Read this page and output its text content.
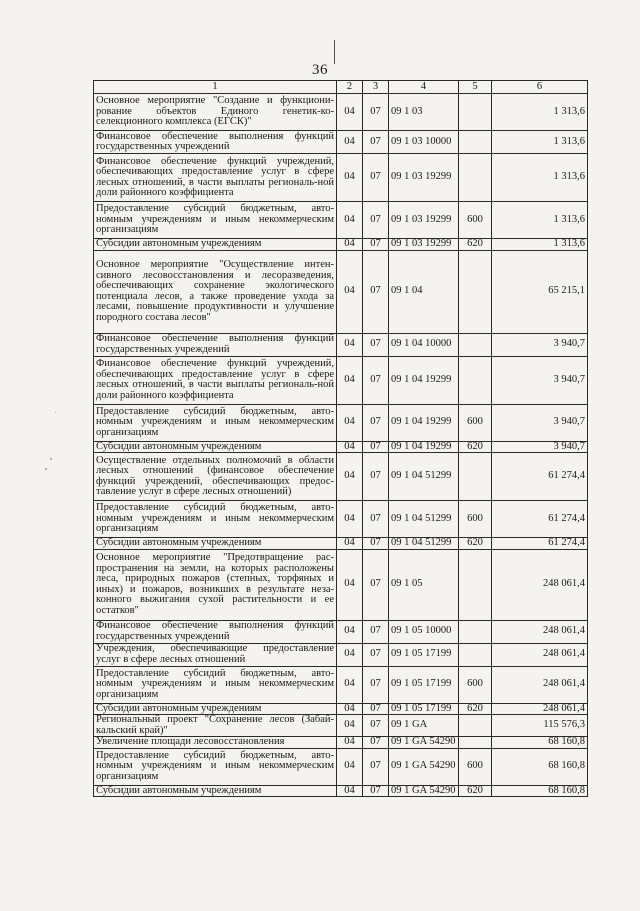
36
1	2	3	4	5	6
Основное мероприятие "Создание и функциони-рование объектов Единого генетик-ко-селекционного комплекса (ЕГСК)"	04	07	09 1 03		1 313,6
Финансовое обеспечение выполнения функций государственных учреждений	04	07	09 1 03 10000		1 313,6
Финансовое обеспечение функций учреждений, обеспечивающих предоставление услуг в сфере лесных отношений, в части выплаты региональ-ной доли районного коэффициента	04	07	09 1 03 19299		1 313,6
Предоставление субсидий бюджетным, авто-номным учреждениям и иным некоммерческим организациям	04	07	09 1 03 19299	600	1 313,6
Субсидии автономным учреждениям	04	07	09 1 03 19299	620	1 313,6
Основное мероприятие "Осуществление интен-сивного лесовосстановления и лесоразведения, обеспечивающих сохранение экологического потенциала лесов, а также проведение ухода за лесами, повышение продуктивности и улучшение породного состава лесов"	04	07	09 1 04		65 215,1
Финансовое обеспечение выполнения функций государственных учреждений	04	07	09 1 04 10000		3 940,7
Финансовое обеспечение функций учреждений, обеспечивающих предоставление услуг в сфере лесных отношений, в части выплаты региональ-ной доли районного коэффициента	04	07	09 1 04 19299		3 940,7
Предоставление субсидий бюджетным, авто-номным учреждениям и иным некоммерческим организациям	04	07	09 1 04 19299	600	3 940,7
Субсидии автономным учреждениям	04	07	09 1 04 19299	620	3 940,7
Осуществление отдельных полномочий в области лесных отношений (финансовое обеспечение функций учреждений, обеспечивающих предос-тавление услуг в сфере лесных отношений)	04	07	09 1 04 51299		61 274,4
Предоставление субсидий бюджетным, авто-номным учреждениям и иным некоммерческим организациям	04	07	09 1 04 51299	600	61 274,4
Субсидии автономным учреждениям	04	07	09 1 04 51299	620	61 274,4
Основное мероприятие "Предотвращение рас-пространения на земли, на которых расположены леса, природных пожаров (степных, торфяных и иных) и пожаров, возникших в результате неза-конного выжигания сухой растительности и ее остатков"	04	07	09 1 05		248 061,4
Финансовое обеспечение выполнения функций государственных учреждений	04	07	09 1 05 10000		248 061,4
Учреждения, обеспечивающие предоставление услуг в сфере лесных отношений	04	07	09 1 05 17199		248 061,4
Предоставление субсидий бюджетным, авто-номным учреждениям и иным некоммерческим организациям	04	07	09 1 05 17199	600	248 061,4
Субсидии автономным учреждениям	04	07	09 1 05 17199	620	248 061,4
Региональный проект "Сохранение лесов (Забай-кальский край)"	04	07	09 1 GA		115 576,3
Увеличение площади лесовосстановления	04	07	09 1 GA 54290		68 160,8
Предоставление субсидий бюджетным, авто-номным учреждениям и иным некоммерческим организациям	04	07	09 1 GA 54290	600	68 160,8
Субсидии автономным учреждениям	04	07	09 1 GA 54290	620	68 160,8
